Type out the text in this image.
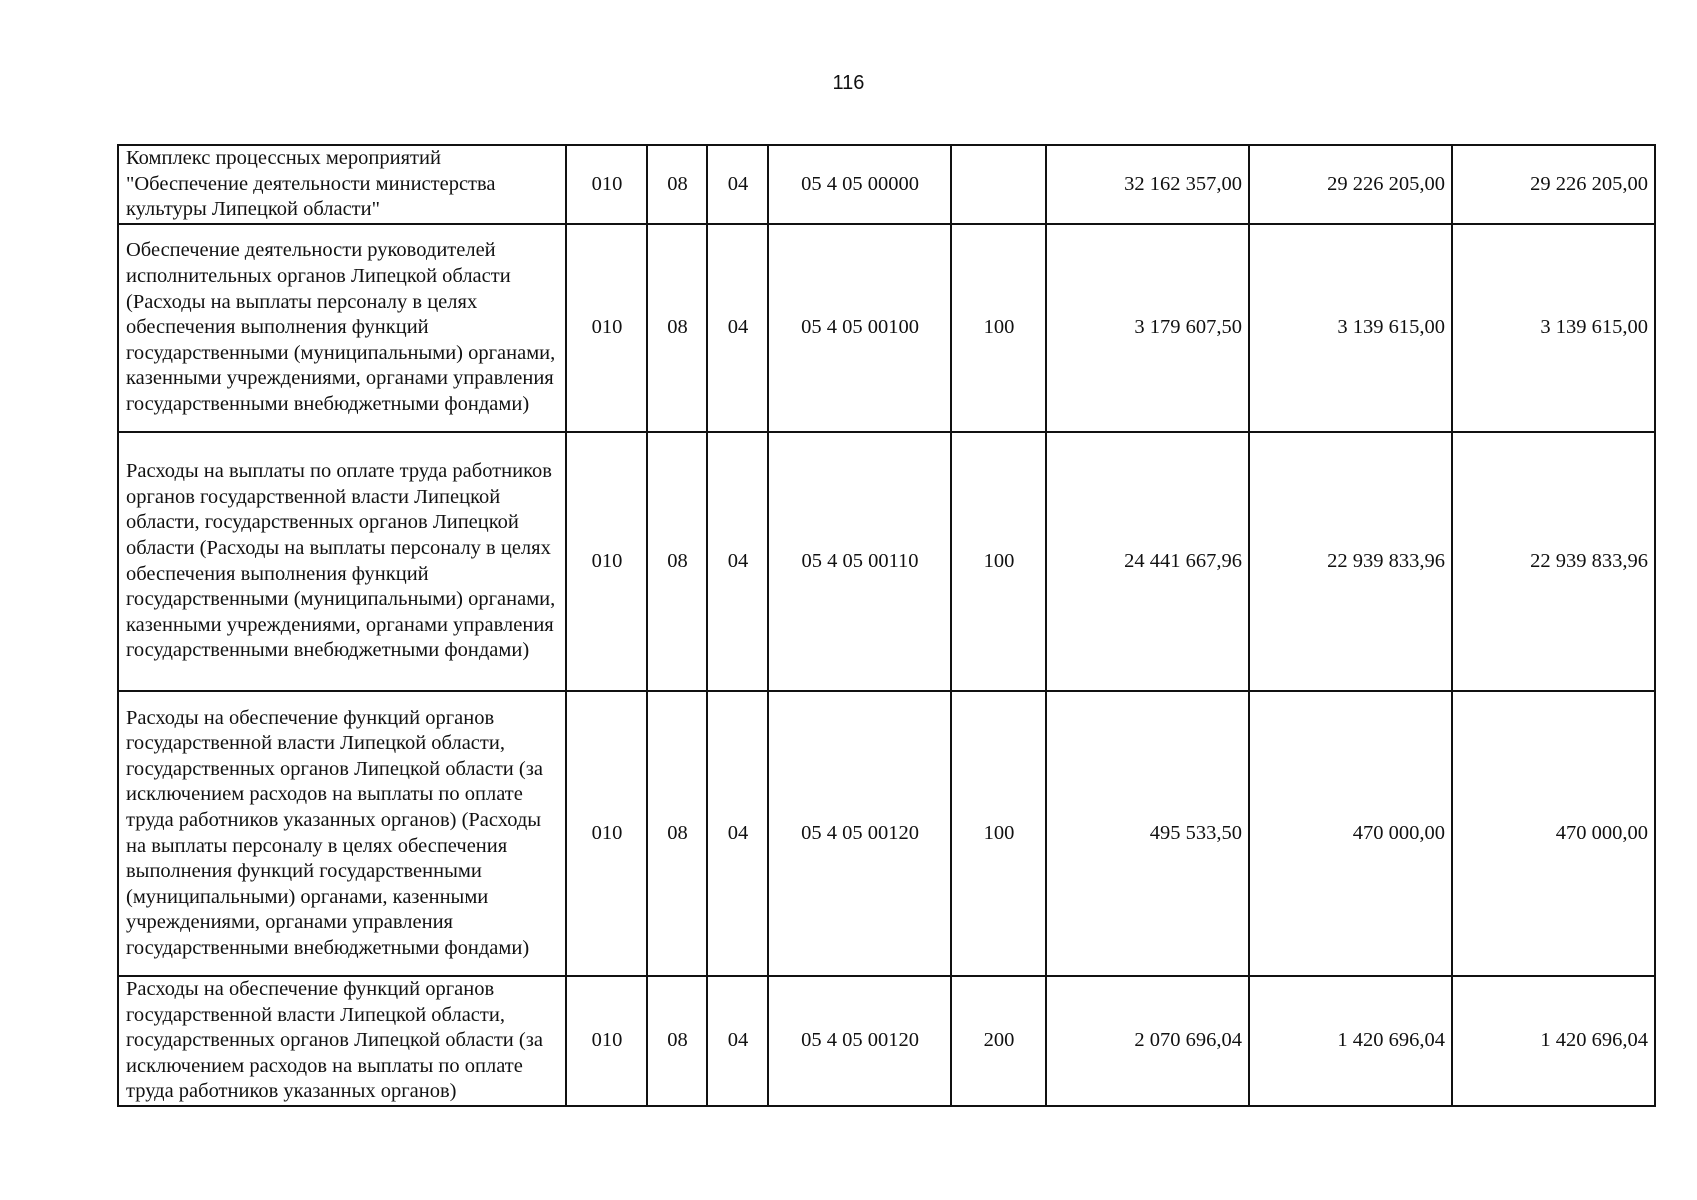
116
Комплекс процессных мероприятий "Обеспечение деятельности министерства культуры Липецкой области"	010	08	04	05 4 05 00000		32 162 357,00	29 226 205,00	29 226 205,00
Обеспечение деятельности руководителей исполнительных органов Липецкой области (Расходы на выплаты персоналу в целях обеспечения выполнения функций государственными (муниципальными) органами, казенными учреждениями, органами управления государственными внебюджетными фондами)	010	08	04	05 4 05 00100	100	3 179 607,50	3 139 615,00	3 139 615,00
Расходы на выплаты по оплате труда работников органов государственной власти Липецкой области, государственных органов Липецкой области (Расходы на выплаты персоналу в целях обеспечения выполнения функций государственными (муниципальными) органами, казенными учреждениями, органами управления государственными внебюджетными фондами)	010	08	04	05 4 05 00110	100	24 441 667,96	22 939 833,96	22 939 833,96
Расходы на обеспечение функций органов государственной власти Липецкой области, государственных органов Липецкой области (за исключением расходов на выплаты по оплате труда работников указанных органов) (Расходы на выплаты персоналу в целях обеспечения выполнения функций государственными (муниципальными) органами, казенными учреждениями, органами управления государственными внебюджетными фондами)	010	08	04	05 4 05 00120	100	495 533,50	470 000,00	470 000,00
Расходы на обеспечение функций органов государственной власти Липецкой области, государственных органов Липецкой области (за исключением расходов на выплаты по оплате труда работников указанных органов)	010	08	04	05 4 05 00120	200	2 070 696,04	1 420 696,04	1 420 696,04
